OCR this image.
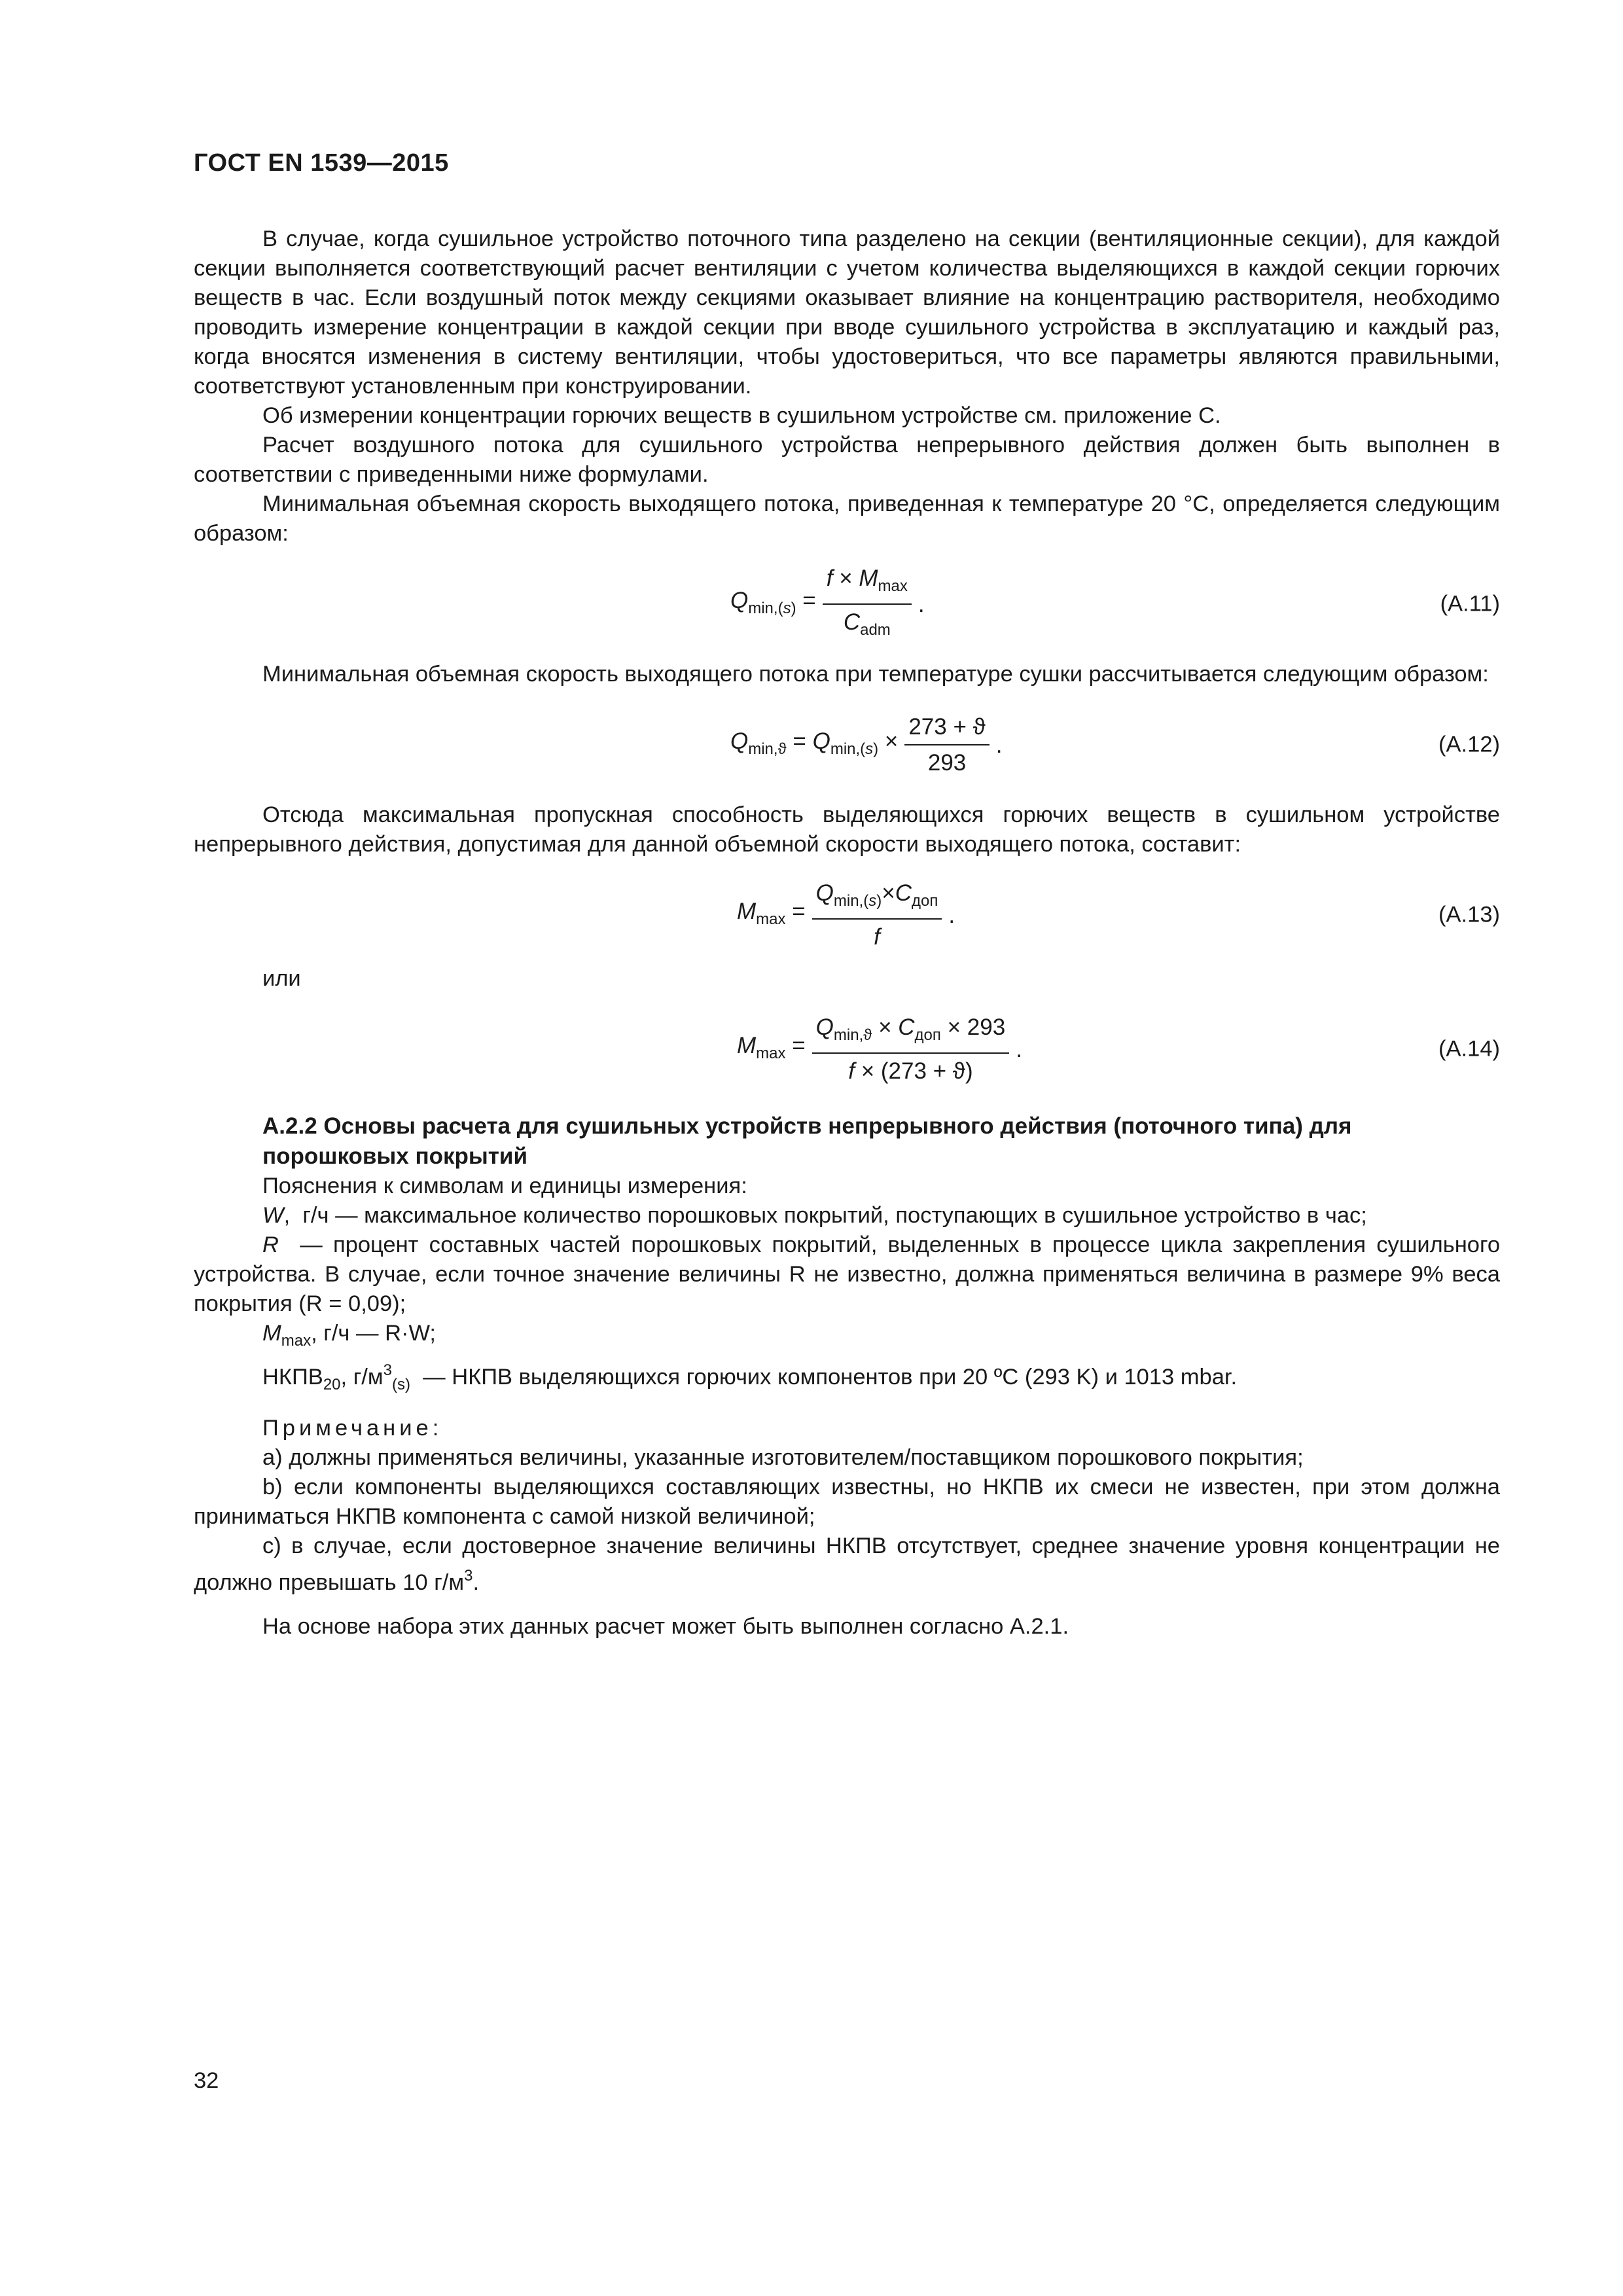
ГОСТ EN 1539—2015

В случае, когда сушильное устройство поточного типа разделено на секции (вентиляционные секции), для каждой секции выполняется соответствующий расчет вентиляции с учетом количества выделяющихся в каждой секции горючих веществ в час. Если воздушный поток между секциями оказывает влияние на концентрацию растворителя, необходимо проводить измерение концентрации в каждой секции при вводе сушильного устройства в эксплуатацию и каждый раз, когда вносятся изменения в систему вентиляции, чтобы удостовериться, что все параметры являются правильными, соответствуют установленным при конструировании.

Об измерении концентрации горючих веществ в сушильном устройстве см. приложение С.

Расчет воздушного потока для сушильного устройства непрерывного действия должен быть выполнен в соответствии с приведенными ниже формулами.

Минимальная объемная скорость выходящего потока, приведенная к температуре 20 °С, определяется следующим образом:

$Q_{min,(s)} = \frac{f \times M_{max}}{C_{adm}}$ .	(А.11)

Минимальная объемная скорость выходящего потока при температуре сушки рассчитывается следующим образом:

$Q_{min,ϑ} = Q_{min,(s)} \times \frac{273 + ϑ}{293}$ .	(А.12)

Отсюда максимальная пропускная способность выделяющихся горючих веществ в сушильном устройстве непрерывного действия, допустимая для данной объемной скорости выходящего потока, составит:

$M_{max} = \frac{Q_{min,(s)}\times C_{доп}}{f}$ .	(А.13)

или

$M_{max} = \frac{Q_{min,ϑ} \times C_{доп} \times 293}{f \times (273 + ϑ)}$ .	(А.14)
А.2.2 Основы расчета для сушильных устройств непрерывного действия (поточного типа) для порошковых покрытий

Пояснения к символам и единицы измерения:

W,  г/ч — максимальное количество порошковых покрытий, поступающих в сушильное устройство в час;

R — процент составных частей порошковых покрытий, выделенных в процессе цикла закрепления сушильного устройства. В случае, если точное значение величины R не известно, должна применяться величина в размере 9% веса покрытия (R = 0,09);

$M_{max}$, г/ч — R·W;

$НКПВ_{20}$, $г/м^3_{(s)}$ — НКПВ выделяющихся горючих компонентов при 20 ºС (293 K) и 1013 mbar.

Примечание:

a) должны применяться величины, указанные изготовителем/поставщиком порошкового покрытия;

b) если компоненты выделяющихся составляющих известны, но НКПВ их смеси не известен, при этом должна приниматься НКПВ компонента с самой низкой величиной;

с) в случае, если достоверное значение величины НКПВ отсутствует, среднее значение уровня концентрации не должно превышать 10 $г/м^3$.

На основе набора этих данных расчет может быть выполнен согласно А.2.1.

32
